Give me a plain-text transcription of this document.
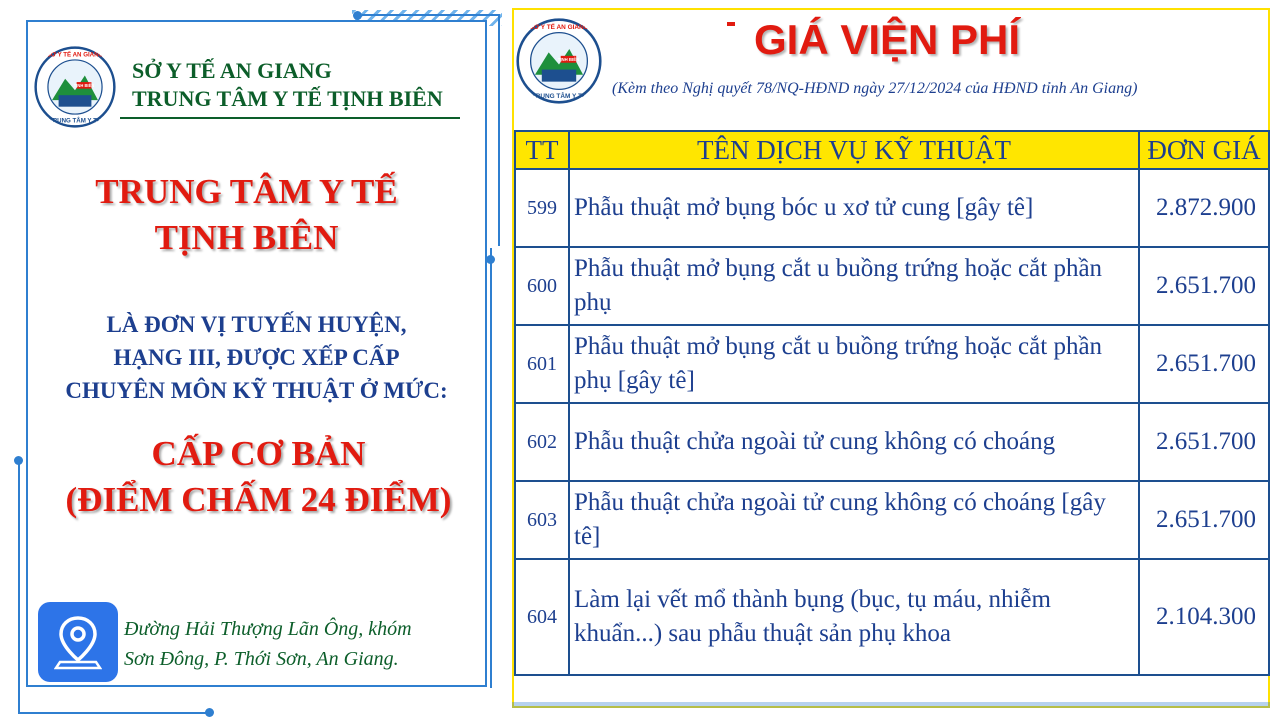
TỊNH BIÊN
SỞ Y TẾ AN GIANG
TRUNG TÂM Y TẾ
SỞ Y TẾ AN GIANG
TRUNG TÂM Y TẾ TỊNH BIÊN
TRUNG TÂM Y TẾ
TỊNH BIÊN
LÀ ĐƠN VỊ TUYẾN HUYỆN,
HẠNG III, ĐƯỢC XẾP CẤP
CHUYÊN MÔN KỸ THUẬT Ở MỨC:
CẤP CƠ BẢN
(ĐIỂM CHẤM 24 ĐIỂM)
Đường Hải Thượng Lãn Ông, khóm
Sơn Đông, P. Thới Sơn, An Giang.
TỊNH BIÊN
SỞ Y TẾ AN GIANG
TRUNG TÂM Y TẾ
GIÁ VIỆN PHÍ
(Kèm theo Nghị quyết 78/NQ-HĐND ngày 27/12/2024 của HĐND tỉnh An Giang)
TT	TÊN DỊCH VỤ KỸ THUẬT	ĐƠN GIÁ
599	Phẫu thuật mở bụng bóc u xơ tử cung [gây tê]	2.872.900
600	Phẫu thuật mở bụng cắt u buồng trứng hoặc cắt phần phụ	2.651.700
601	Phẫu thuật mở bụng cắt u buồng trứng hoặc cắt phần phụ [gây tê]	2.651.700
602	Phẫu thuật chửa ngoài tử cung không có choáng	2.651.700
603	Phẫu thuật chửa ngoài tử cung không có choáng [gây tê]	2.651.700
604	Làm lại vết mổ thành bụng (bục, tụ máu, nhiễm khuẩn...) sau phẫu thuật sản phụ khoa	2.104.300
